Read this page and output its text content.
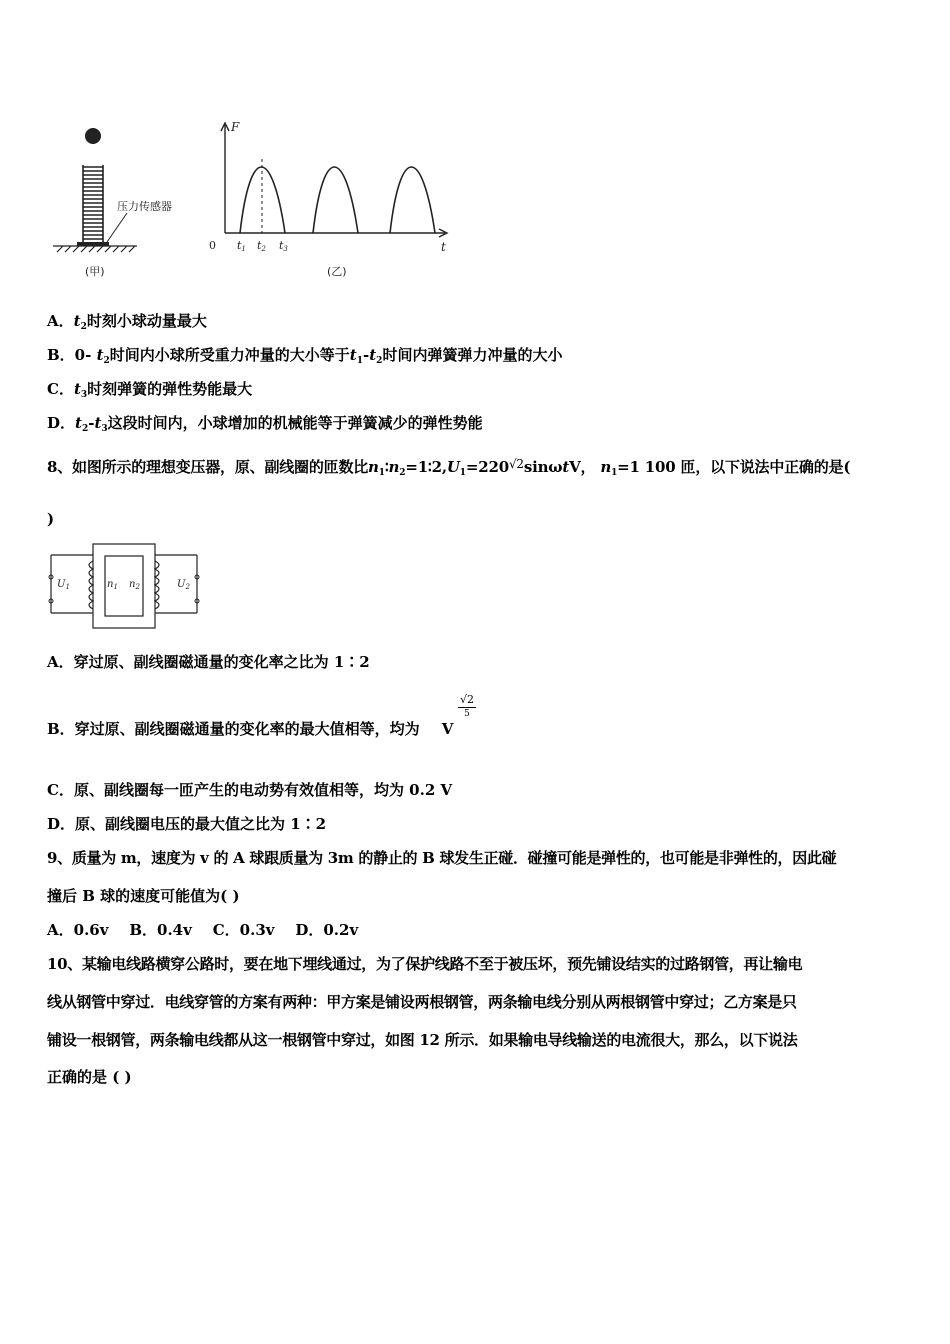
压力传感器
(甲)
F
t
0 t1 t2 t3
(乙)
A．$t_2$时刻小球动量最大
B．0- $t_2$时间内小球所受重力冲量的大小等于$t_1-t_2$时间内弹簧弹力冲量的大小
C．$t_3$时刻弹簧的弹性势能最大
D．$t_2-t_3$这段时间内，小球增加的机械能等于弹簧减少的弹性势能
8、如图所示的理想变压器，原、副线圈的匝数比$n_1∶n_2=1∶2,U_1=220^{√2}\sin\omega tV$， $n_1=1$ 100 匝，以下说法中正确的是(
)
$U_1$	$n_1$ $n_2$	$U_2$
A．穿过原、副线圈磁通量的变化率之比为 1∶2
B．穿过原、副线圈磁通量的变化率的最大值相等，均为 V
√2
5
C．原、副线圈每一匝产生的电动势有效值相等，均为 0.2 V
D．原、副线圈电压的最大值之比为 1∶2
9、质量为 m，速度为 v 的 A 球跟质量为 3m 的静止的 B 球发生正碰．碰撞可能是弹性的，也可能是非弹性的，因此碰
撞后 B 球的速度可能值为( )
A．0.6v    B．0.4v    C．0.3v    D．0.2v
10、某输电线路横穿公路时，要在地下埋线通过，为了保护线路不至于被压坏，预先铺设结实的过路钢管，再让输电
线从钢管中穿过．电线穿管的方案有两种：甲方案是铺设两根钢管，两条输电线分别从两根钢管中穿过；乙方案是只
铺设一根钢管，两条输电线都从这一根钢管中穿过，如图 12 所示．如果输电导线输送的电流很大，那么，以下说法
正确的是 ( )
